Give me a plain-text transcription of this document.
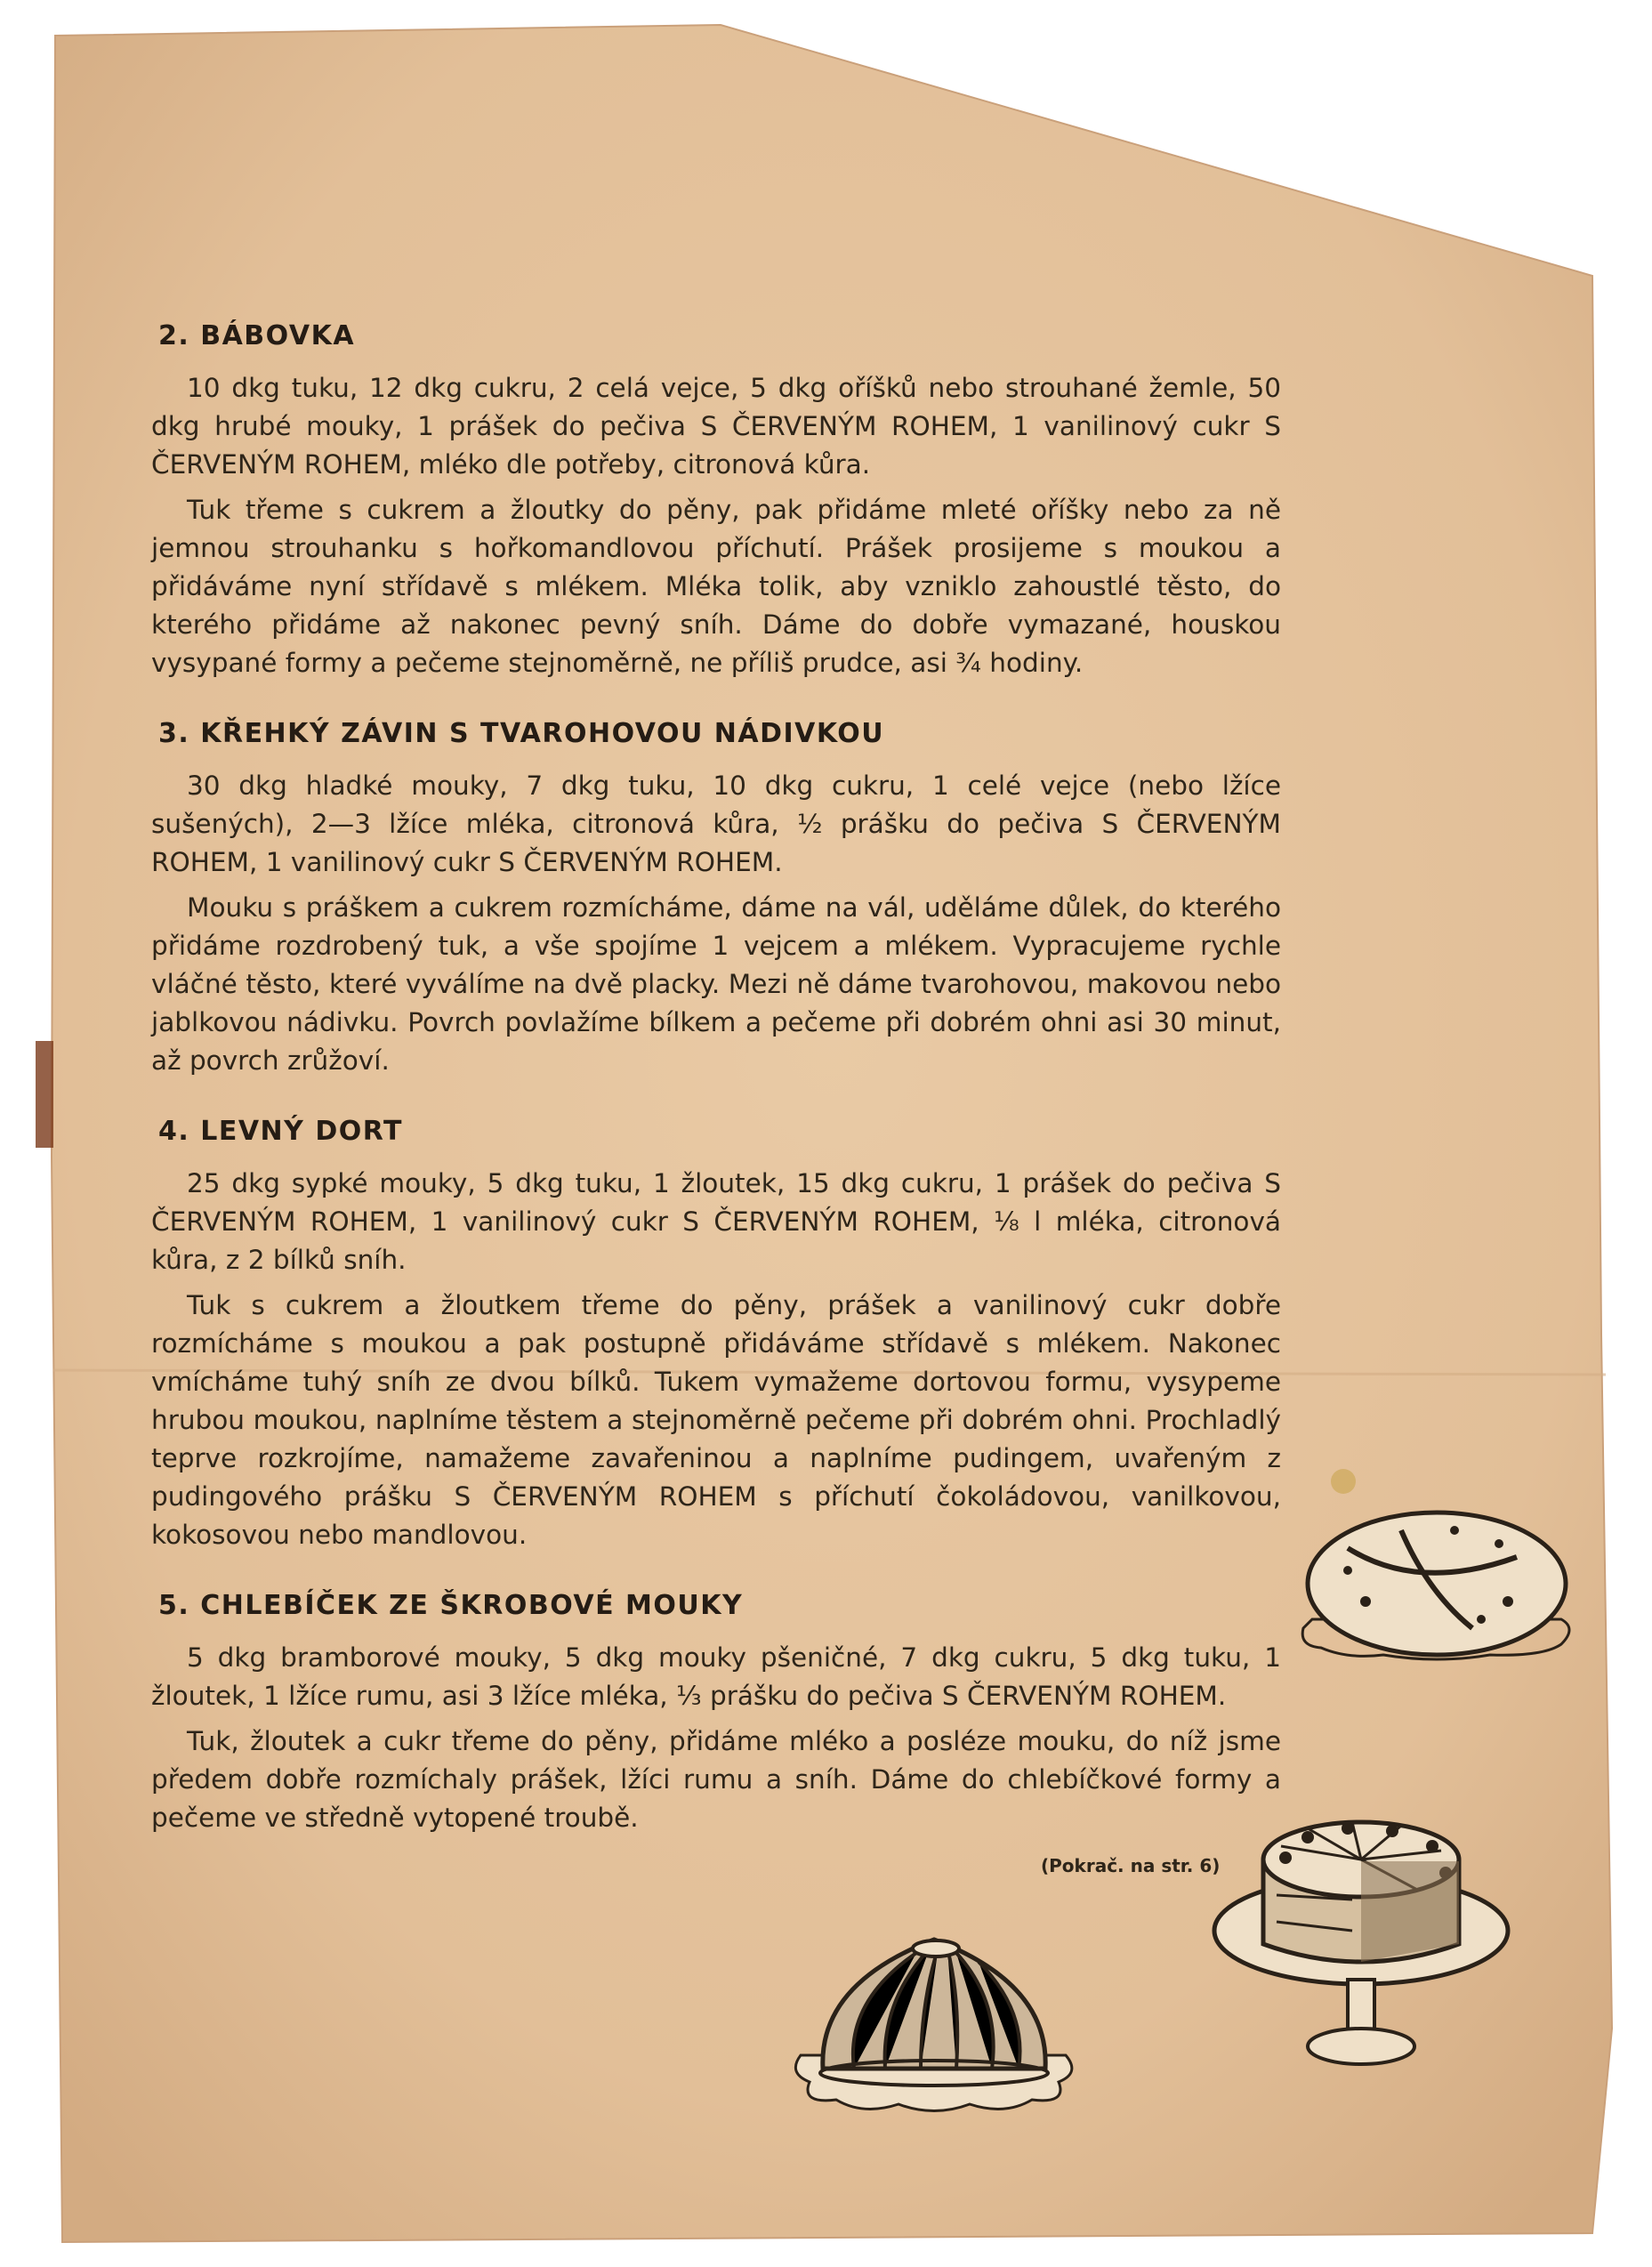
2. BÁBOVKA

10 dkg tuku, 12 dkg cukru, 2 celá vejce, 5 dkg oříšků nebo strouhané žemle, 50 dkg hrubé mouky, 1 prášek do pečiva S ČERVENÝM ROHEM, 1 vanilinový cukr S ČERVENÝM ROHEM, mléko dle potřeby, citronová kůra.

Tuk třeme s cukrem a žloutky do pěny, pak přidáme mleté oříšky nebo za ně jemnou strouhanku s hořkomandlovou příchutí. Prášek prosijeme s moukou a přidáváme nyní střídavě s mlékem. Mléka tolik, aby vzniklo zahoustlé těsto, do kterého přidáme až nakonec pevný sníh. Dáme do dobře vymazané, houskou vysypané formy a pečeme stejnoměrně, ne příliš prudce, asi ¾ hodiny.

3. KŘEHKÝ ZÁVIN S TVAROHOVOU NÁDIVKOU

30 dkg hladké mouky, 7 dkg tuku, 10 dkg cukru, 1 celé vejce (nebo lžíce sušených), 2—3 lžíce mléka, citronová kůra, ½ prášku do pečiva S ČERVENÝM ROHEM, 1 vanilinový cukr S ČERVENÝM ROHEM.

Mouku s práškem a cukrem rozmícháme, dáme na vál, uděláme důlek, do kterého přidáme rozdrobený tuk, a vše spojíme 1 vejcem a mlékem. Vypracujeme rychle vláčné těsto, které vyválíme na dvě placky. Mezi ně dáme tvarohovou, makovou nebo jablkovou nádivku. Povrch povlažíme bílkem a pečeme při dobrém ohni asi 30 minut, až povrch zrůžoví.

4. LEVNÝ DORT

25 dkg sypké mouky, 5 dkg tuku, 1 žloutek, 15 dkg cukru, 1 prášek do pečiva S ČERVENÝM ROHEM, 1 vanilinový cukr S ČERVENÝM ROHEM, ⅛ l mléka, citronová kůra, z 2 bílků sníh.

Tuk s cukrem a žloutkem třeme do pěny, prášek a vanilinový cukr dobře rozmícháme s moukou a pak postupně přidáváme střídavě s mlékem. Nakonec vmícháme tuhý sníh ze dvou bílků. Tukem vymažeme dortovou formu, vysypeme hrubou moukou, naplníme těstem a stejnoměrně pečeme při dobrém ohni. Prochladlý teprve rozkrojíme, namažeme zavařeninou a naplníme pudingem, uvařeným z pudingového prášku S ČERVENÝM ROHEM s příchutí čokoládovou, vanilkovou, kokosovou nebo mandlovou.

5. CHLEBÍČEK ZE ŠKROBOVÉ MOUKY

5 dkg bramborové mouky, 5 dkg mouky pšeničné, 7 dkg cukru, 5 dkg tuku, 1 žloutek, 1 lžíce rumu, asi 3 lžíce mléka, ⅓ prášku do pečiva S ČERVENÝM ROHEM.

Tuk, žloutek a cukr třeme do pěny, přidáme mléko a posléze mouku, do níž jsme předem dobře rozmíchaly prášek, lžíci rumu a sníh. Dáme do chlebíčkové formy a pečeme ve středně vytopené troubě.

(Pokrač. na str. 6)
